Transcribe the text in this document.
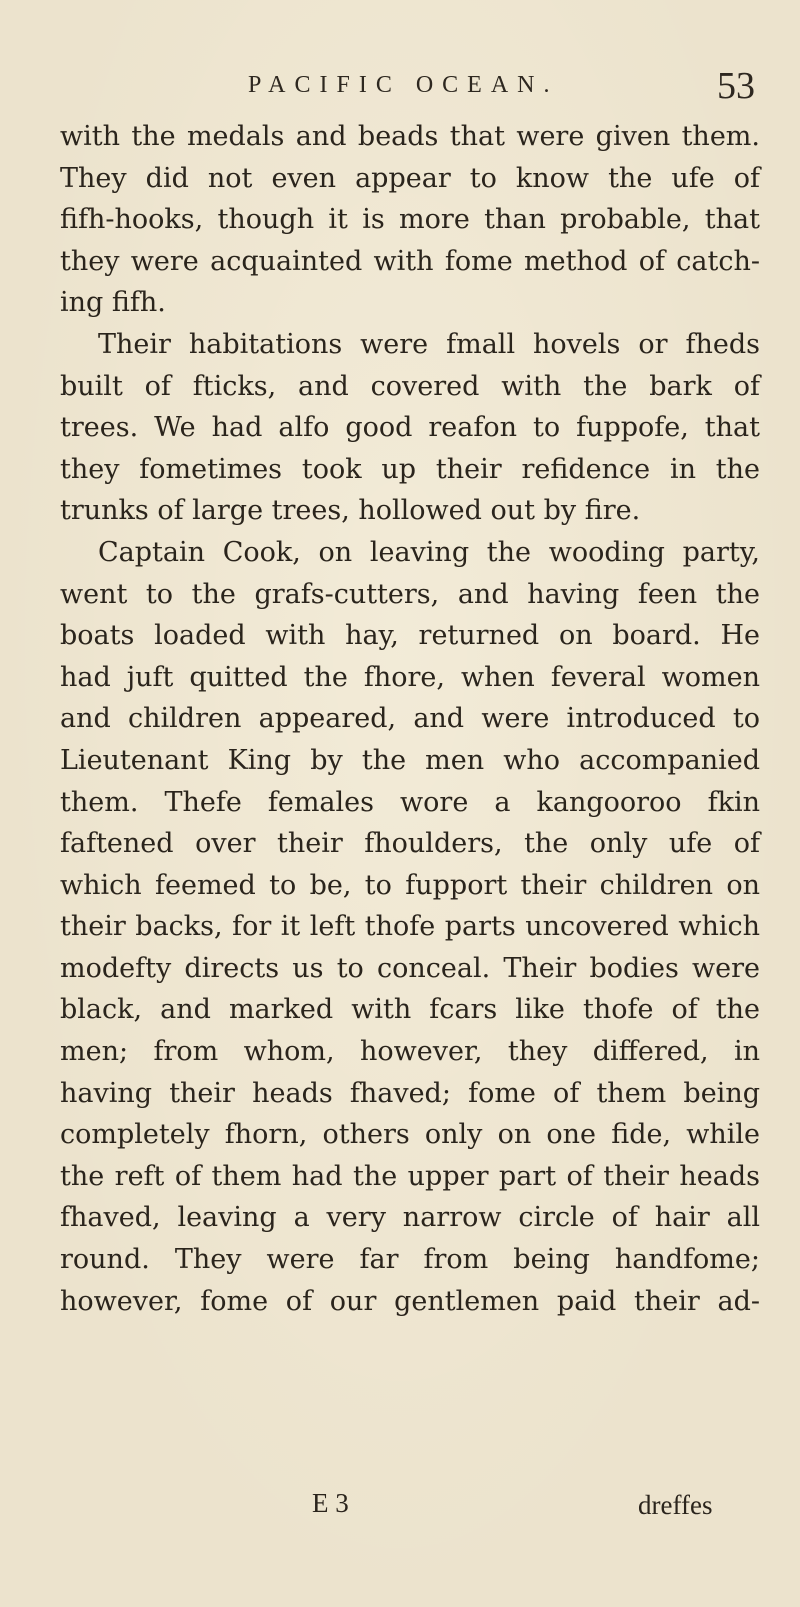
PACIFIC OCEAN.	53
with the medals and beads that were given them.
They did not even appear to know the ufe of
fifh-hooks, though it is more than probable, that
they were acquainted with fome method of catch-
ing fifh.
Their habitations were fmall hovels or fheds
built of fticks, and covered with the bark of
trees. We had alfo good reafon to fuppofe, that
they fometimes took up their refidence in the
trunks of large trees, hollowed out by fire.
Captain Cook, on leaving the wooding party,
went to the grafs-cutters, and having feen the
boats loaded with hay, returned on board. He
had juft quitted the fhore, when feveral women
and children appeared, and were introduced to
Lieutenant King by the men who accompanied
them. Thefe females wore a kangooroo fkin
faftened over their fhoulders, the only ufe of
which feemed to be, to fupport their children on
their backs, for it left thofe parts uncovered which
modefty directs us to conceal. Their bodies were
black, and marked with fcars like thofe of the
men; from whom, however, they differed, in
having their heads fhaved; fome of them being
completely fhorn, others only on one fide, while
the reft of them had the upper part of their heads
fhaved, leaving a very narrow circle of hair all
round. They were far from being handfome;
however, fome of our gentlemen paid their ad-
E 3	dreffes
